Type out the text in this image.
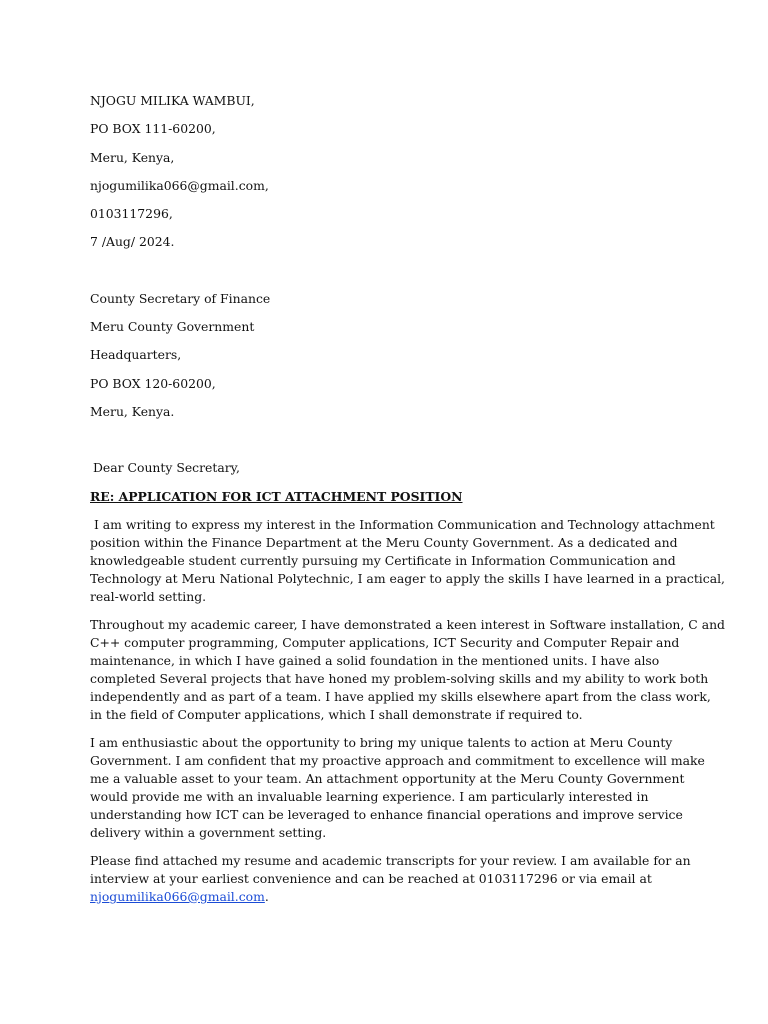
NJOGU MILIKA WAMBUI,
PO BOX 111-60200,
Meru, Kenya,
njogumilika066@gmail.com,
0103117296,
7 /Aug/ 2024.
County Secretary of Finance
Meru County Government
Headquarters,
PO BOX 120-60200,
Meru, Kenya.
Dear County Secretary,
RE: APPLICATION FOR ICT ATTACHMENT POSITION
I am writing to express my interest in the Information Communication and Technology attachment
position within the Finance Department at the Meru County Government. As a dedicated and
knowledgeable student currently pursuing my Certificate in Information Communication and
Technology at Meru National Polytechnic, I am eager to apply the skills I have learned in a practical,
real-world setting.
Throughout my academic career, I have demonstrated a keen interest in Software installation, C and
C++ computer programming, Computer applications, ICT Security and Computer Repair and
maintenance, in which I have gained a solid foundation in the mentioned units. I have also
completed Several projects that have honed my problem-solving skills and my ability to work both
independently and as part of a team. I have applied my skills elsewhere apart from the class work,
in the field of Computer applications, which I shall demonstrate if required to.
I am enthusiastic about the opportunity to bring my unique talents to action at Meru County
Government. I am confident that my proactive approach and commitment to excellence will make
me a valuable asset to your team. An attachment opportunity at the Meru County Government
would provide me with an invaluable learning experience. I am particularly interested in
understanding how ICT can be leveraged to enhance financial operations and improve service
delivery within a government setting.
Please find attached my resume and academic transcripts for your review. I am available for an
interview at your earliest convenience and can be reached at 0103117296 or via email at
njogumilika066@gmail.com.
